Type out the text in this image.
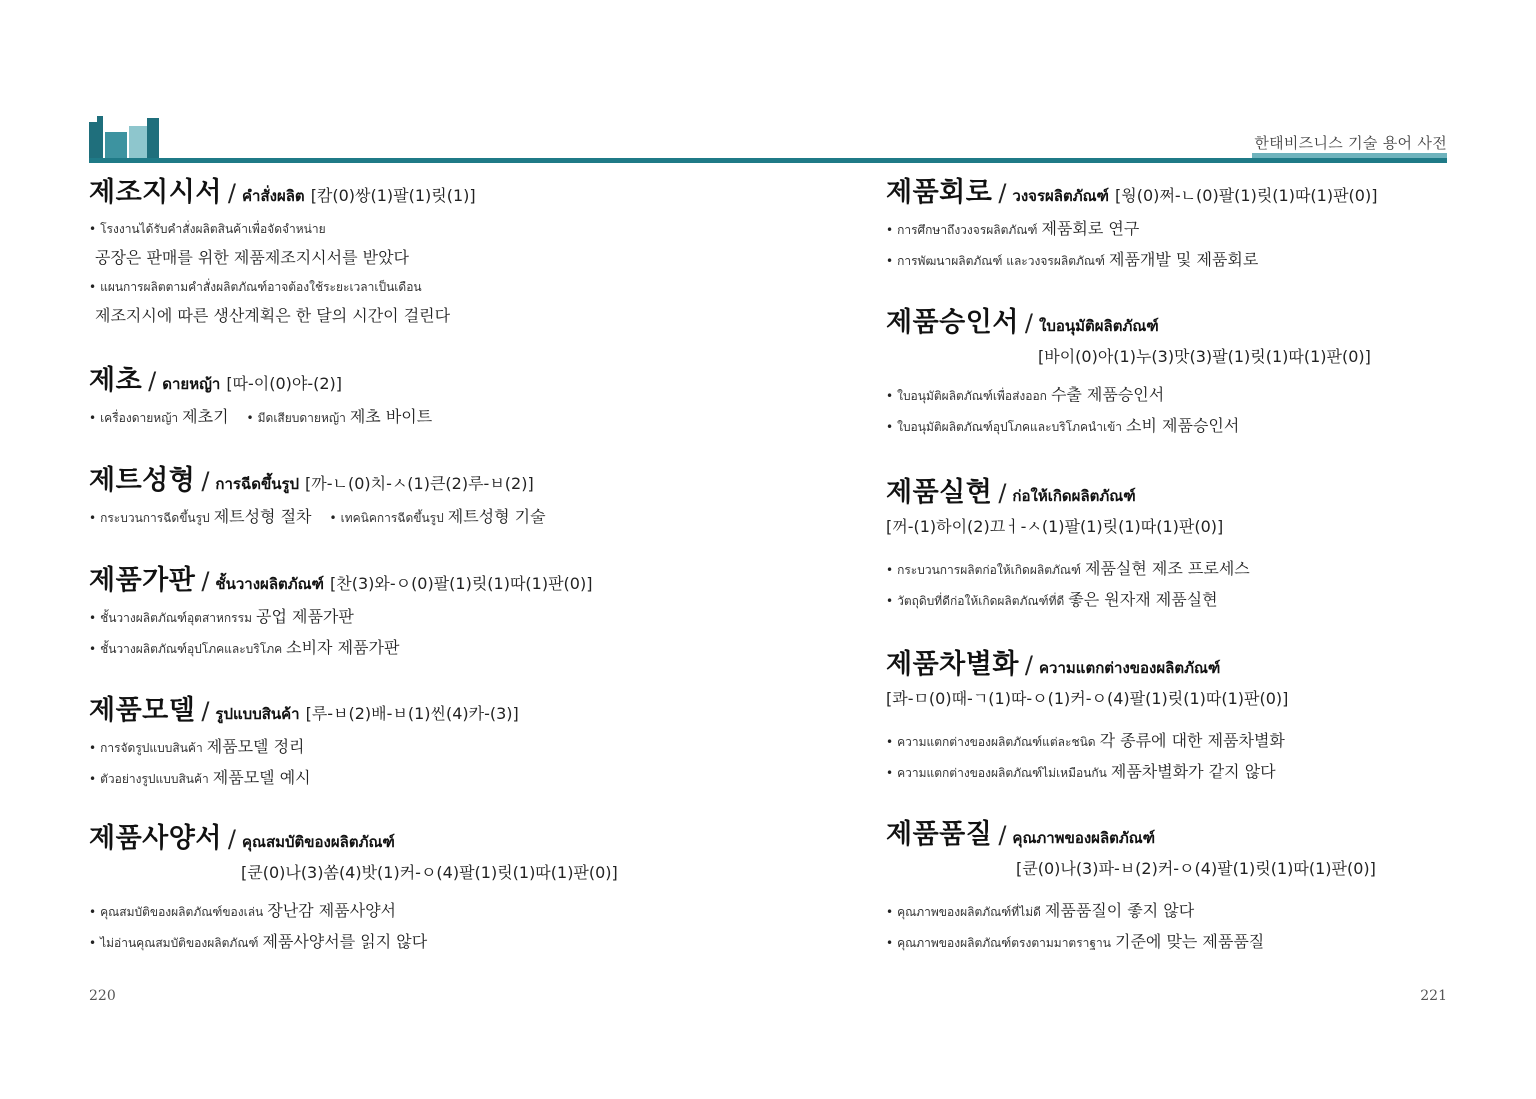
한태비즈니스 기술 용어 사전
제조지시서 / คำสั่งผลิต [캄(0)쌍(1)팔(1)릿(1)]
• โรงงานได้รับคำสั่งผลิตสินค้าเพื่อจัดจำหน่าย
공장은 판매를 위한 제품제조지시서를 받았다
• แผนการผลิตตามคำสั่งผลิตภัณฑ์อาจต้องใช้ระยะเวลาเป็นเดือน
제조지시에 따른 생산계획은 한 달의 시간이 걸린다
제초 / ดายหญ้า [따-이(0)야-(2)]
• เครื่องดายหญ้า 제초기 • มีดเสียบดายหญ้า 제초 바이트
제트성형 / การฉีดขึ้นรูป [까-ㄴ(0)치-ㅅ(1)큰(2)루-ㅂ(2)]
• กระบวนการฉีดขึ้นรูป 제트성형 절차 • เทคนิคการฉีดขึ้นรูป 제트성형 기술
제품가판 / ชั้นวางผลิตภัณฑ์ [찬(3)와-ㅇ(0)팔(1)릿(1)따(1)판(0)]
• ชั้นวางผลิตภัณฑ์อุตสาหกรรม 공업 제품가판
• ชั้นวางผลิตภัณฑ์อุปโภคและบริโภค 소비자 제품가판
제품모델 / รูปแบบสินค้า [루-ㅂ(2)배-ㅂ(1)씬(4)카-(3)]
• การจัดรูปแบบสินค้า 제품모델 정리
• ตัวอย่างรูปแบบสินค้า 제품모델 예시
제품사양서 / คุณสมบัติของผลิตภัณฑ์
[쿤(0)나(3)쏨(4)밧(1)커-ㅇ(4)팔(1)릿(1)따(1)판(0)]
• คุณสมบัติของผลิตภัณฑ์ของเล่น 장난감 제품사양서
• ไม่อ่านคุณสมบัติของผลิตภัณฑ์ 제품사양서를 읽지 않다
제품회로 / วงจรผลิตภัณฑ์ [웡(0)쩌-ㄴ(0)팔(1)릿(1)따(1)판(0)]
• การศึกษาถึงวงจรผลิตภัณฑ์ 제품회로 연구
• การพัฒนาผลิตภัณฑ์ และวงจรผลิตภัณฑ์ 제품개발 및 제품회로
제품승인서 / ใบอนุมัติผลิตภัณฑ์
[바이(0)아(1)누(3)맛(3)팔(1)릿(1)따(1)판(0)]
• ใบอนุมัติผลิตภัณฑ์เพื่อส่งออก 수출 제품승인서
• ใบอนุมัติผลิตภัณฑ์อุปโภคและบริโภคนำเข้า 소비 제품승인서
제품실현 / ก่อให้เกิดผลิตภัณฑ์
[꺼-(1)하이(2)끄ㅓ-ㅅ(1)팔(1)릿(1)따(1)판(0)]
• กระบวนการผลิตก่อให้เกิดผลิตภัณฑ์ 제품실현 제조 프로세스
• วัตถุดิบที่ดีก่อให้เกิดผลิตภัณฑ์ที่ดี 좋은 원자재 제품실현
제품차별화 / ความแตกต่างของผลิตภัณฑ์
[콰-ㅁ(0)때-ㄱ(1)따-ㅇ(1)커-ㅇ(4)팔(1)릿(1)따(1)판(0)]
• ความแตกต่างของผลิตภัณฑ์แต่ละชนิด 각 종류에 대한 제품차별화
• ความแตกต่างของผลิตภัณฑ์ไม่เหมือนกัน 제품차별화가 같지 않다
제품품질 / คุณภาพของผลิตภัณฑ์
[쿤(0)나(3)파-ㅂ(2)커-ㅇ(4)팔(1)릿(1)따(1)판(0)]
• คุณภาพของผลิตภัณฑ์ที่ไม่ดี 제품품질이 좋지 않다
• คุณภาพของผลิตภัณฑ์ตรงตามมาตราฐาน 기준에 맞는 제품품질
220	221
